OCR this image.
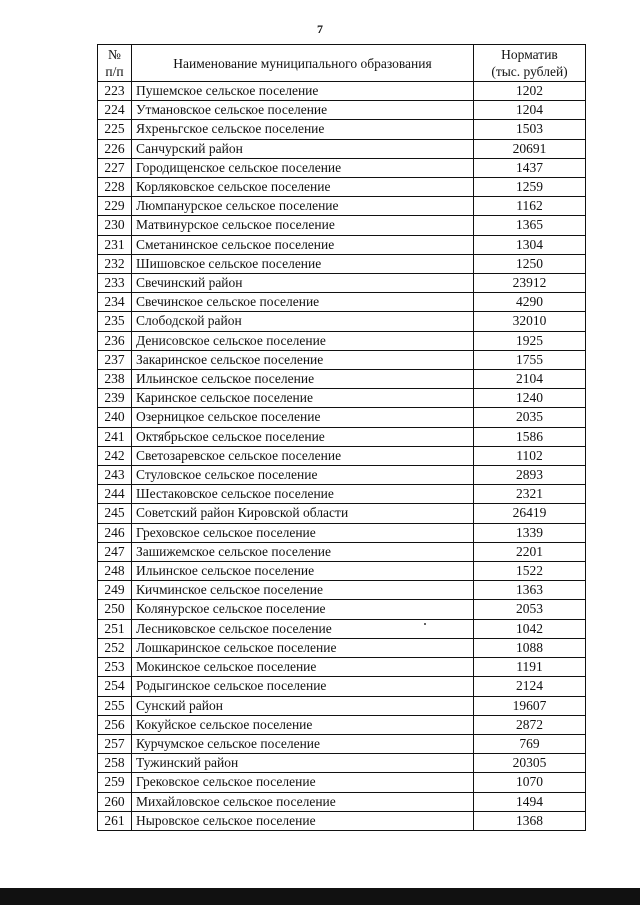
7
№
п/п	Наименование муниципального образования	Норматив
(тыс. рублей)
223	Пушемское сельское поселение	1202
224	Утмановское сельское поселение	1204
225	Яхреньгское сельское поселение	1503
226	Санчурский район	20691
227	Городищенское сельское поселение	1437
228	Корляковское сельское поселение	1259
229	Люмпанурское сельское поселение	1162
230	Матвинурское сельское поселение	1365
231	Сметанинское сельское поселение	1304
232	Шишовское сельское поселение	1250
233	Свечинский район	23912
234	Свечинское сельское поселение	4290
235	Слободской район	32010
236	Денисовское сельское поселение	1925
237	Закаринское сельское поселение	1755
238	Ильинское сельское поселение	2104
239	Каринское сельское поселение	1240
240	Озерницкое сельское поселение	2035
241	Октябрьское сельское поселение	1586
242	Светозаревское сельское поселение	1102
243	Стуловское сельское поселение	2893
244	Шестаковское сельское поселение	2321
245	Советский район Кировской области	26419
246	Греховское сельское поселение	1339
247	Зашижемское сельское поселение	2201
248	Ильинское сельское поселение	1522
249	Кичминское сельское поселение	1363
250	Колянурское сельское поселение	2053
251	Лесниковское сельское поселение	1042
252	Лошкаринское сельское поселение	1088
253	Мокинское сельское поселение	1191
254	Родыгинское сельское поселение	2124
255	Сунский район	19607
256	Кокуйское сельское поселение	2872
257	Курчумское сельское поселение	769
258	Тужинский район	20305
259	Грековское сельское поселение	1070
260	Михайловское сельское поселение	1494
261	Ныровское сельское поселение	1368
